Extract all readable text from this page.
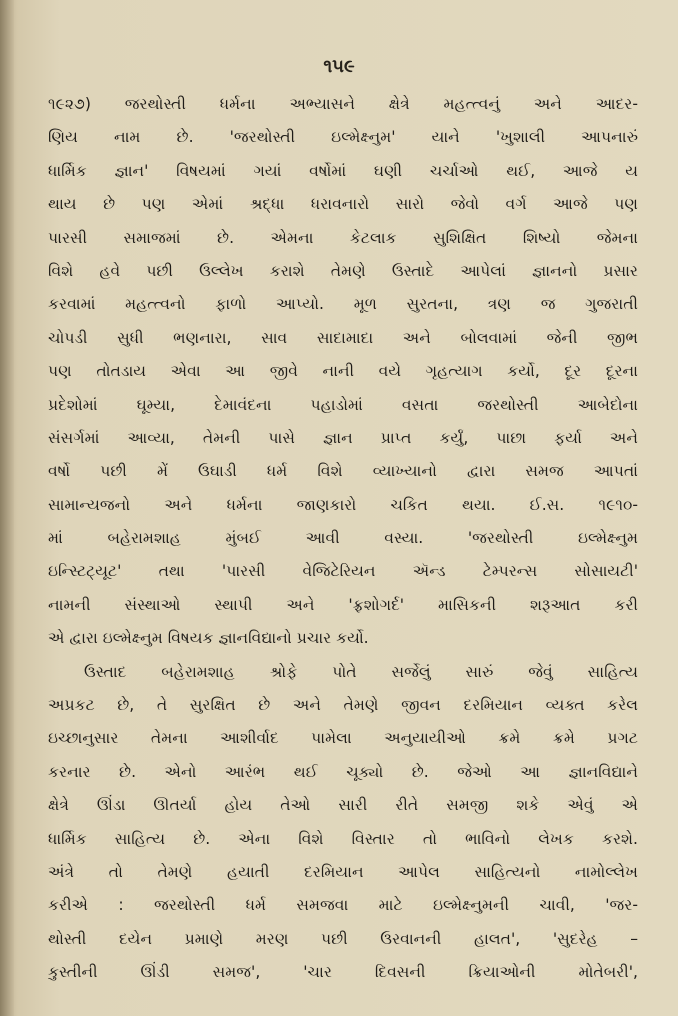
૧૫૯
૧૯૨૭) જરથોસ્તી ધર્મના અભ્યાસને ક્ષેત્રે મહત્ત્વનું અને આદર-
ણિય નામ છે. 'જરથોસ્તી ઇલ્મેક્ષ્નુમ' યાને 'ખુશાલી આપનારું
ધાર્મિક જ્ઞાન' વિષયમાં ગયાં વર્ષોમાં ઘણી ચર્ચાઓ થઈ, આજે ય
થાય છે પણ એમાં શ્રદ્ધા ધરાવનારો સારો જેવો વર્ગ આજે પણ
પારસી સમાજમાં છે. એમના કેટલાક સુશિક્ષિત શિષ્યો જેમના
વિશે હવે પછી ઉલ્લેખ કરાશે તેમણે ઉસ્તાદે આપેલાં જ્ઞાનનો પ્રસાર
કરવામાં મહત્ત્વનો ફાળો આપ્યો. મૂળ સુરતના, ત્રણ જ ગુજરાતી
ચોપડી સુધી ભણનારા, સાવ સાદામાદા અને બોલવામાં જેની જીભ
પણ તોતડાય એવા આ જીવે નાની વયે ગૃહત્યાગ કર્યો, દૂર દૂરના
પ્રદેશોમાં ઘૂમ્યા, દેમાવંદના પહાડોમાં વસતા જરથોસ્તી આબેદોના
સંસર્ગમાં આવ્યા, તેમની પાસે જ્ઞાન પ્રાપ્ત કર્યું, પાછા ફર્યા અને
વર્ષો પછી મેં ઉઘાડી ધર્મ વિશે વ્યાખ્યાનો દ્વારા સમજ આપતાં
સામાન્યજનો અને ધર્મના જાણકારો ચકિત થયા. ઈ.સ. ૧૯૧૦-
માં બહેરામશાહ મુંબઈ આવી વસ્યા. 'જરથોસ્તી ઇલ્મેક્ષ્નુમ
ઇન્સ્ટિટ્યૂટ' તથા 'પારસી વેજિટેરિયન ઍન્ડ ટેમ્પરન્સ સોસાયટી'
નામની સંસ્થાઓ સ્થાપી અને 'ફ્રશોગર્દ' માસિકની શરૂઆત કરી
એ દ્વારા ઇલ્મેક્ષ્નુમ વિષયક જ્ઞાનવિદ્યાનો પ્રચાર કર્યો.
ઉસ્તાદ બહેરામશાહ શ્રોફે પોતે સર્જેલું સારું જેવું સાહિત્ય
અપ્રકટ છે, તે સુરક્ષિત છે અને તેમણે જીવન દરમિયાન વ્યક્ત કરેલ
ઇચ્છાનુસાર તેમના આશીર્વાદ પામેલા અનુયાયીઓ ક્રમે ક્રમે પ્રગટ
કરનાર છે. એનો આરંભ થઈ ચૂક્યો છે. જેઓ આ જ્ઞાનવિદ્યાને
ક્ષેત્રે ઊંડા ઊતર્યા હોય તેઓ સારી રીતે સમજી શકે એવું એ
ધાર્મિક સાહિત્ય છે. એના વિશે વિસ્તાર તો ભાવિનો લેખક કરશે.
અંત્રે તો તેમણે હયાતી દરમિયાન આપેલ સાહિત્યનો નામોલ્લેખ
કરીએ : જરથોસ્તી ધર્મ સમજવા માટે ઇલ્મેક્ષ્નુમની ચાવી, 'જર-
થોસ્તી દયેન પ્રમાણે મરણ પછી ઉરવાનની હાલત', 'સુદરેહ –
કુસ્તીની ઊંડી સમજ', 'ચાર દિવસની ક્રિયાઓની મોતેબરી',
